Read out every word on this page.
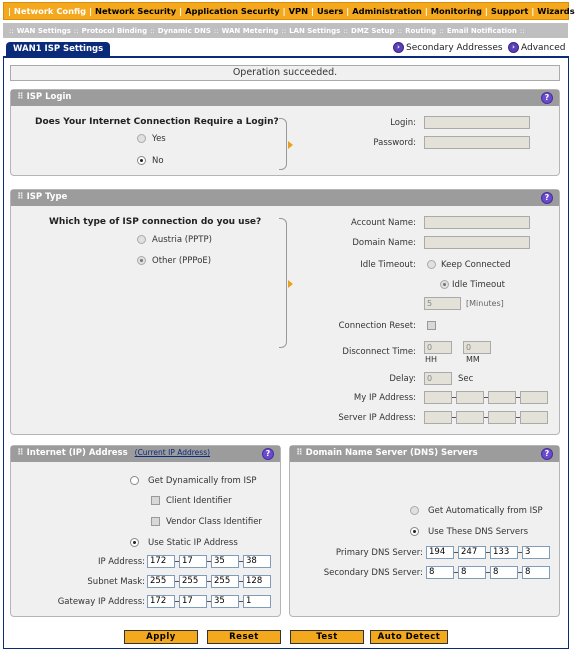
| Network Config | Network Security | Application Security | VPN | Users | Administration | Monitoring | Support | Wizards |
:: WAN Settings :: Protocol Binding :: Dynamic DNS :: WAN Metering :: LAN Settings :: DMZ Setup :: Routing :: Email Notification ::
WAN1 ISP Settings	› Secondary Addresses	› Advanced
Operation succeeded.
⠿ ISP Login	?
Does Your Internet Connection Require a Login?
Yes
No
Login:
Password:
⠿ ISP Type	?
Which type of ISP connection do you use?
Austria (PPTP)
Other (PPPoE)
Account Name:
Domain Name:
Idle Timeout:	Keep Connected
Idle Timeout
5	[Minutes]
Connection Reset:
Disconnect Time:	0	0
HH	MM
Delay:	0	Sec
My IP Address:
Server IP Address:
⠿ Internet (IP) Address (Current IP Address)	?
Get Dynamically from ISP
Client Identifier
Vendor Class Identifier
Use Static IP Address
IP Address: 172	17	35	38
Subnet Mask: 255	255	255	128
Gateway IP Address: 172	17	35	1
⠿ Domain Name Server (DNS) Servers	?
Get Automatically from ISP
Use These DNS Servers
Primary DNS Server: 194	247	133	3
Secondary DNS Server: 8	8	8	8
Apply	Reset	Test	Auto Detect
